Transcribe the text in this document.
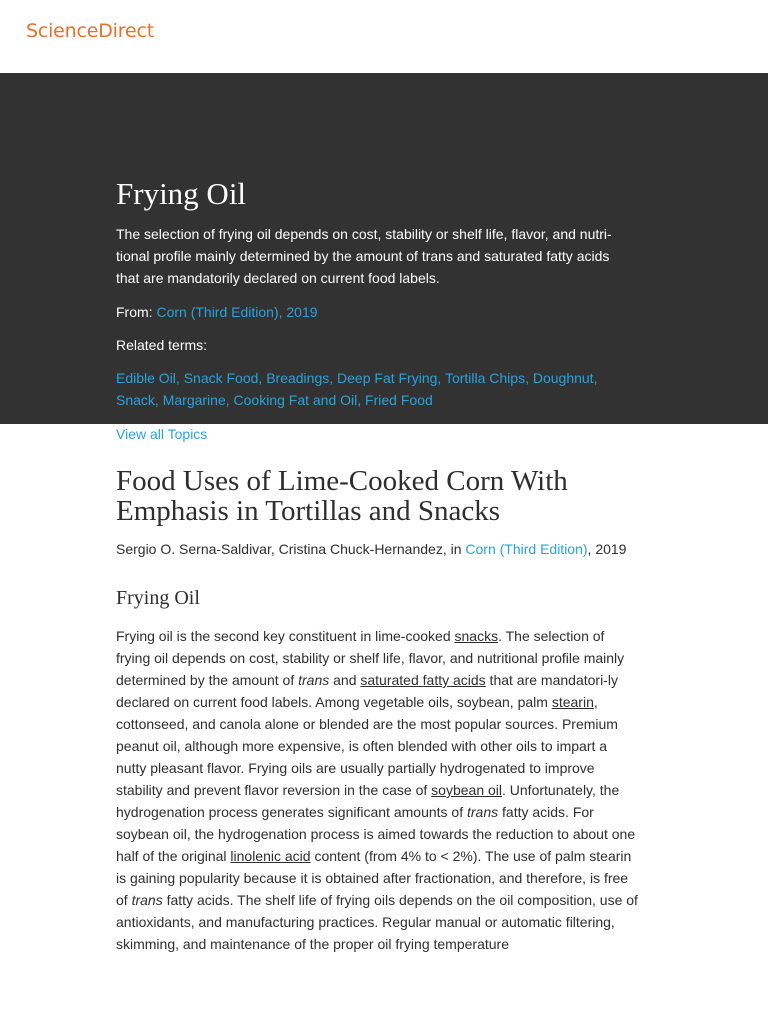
ScienceDirect
Frying Oil

The selection of frying oil depends on cost, stability or shelf life, flavor, and nutri-tional profile mainly determined by the amount of trans and saturated fatty acids that are mandatorily declared on current food labels.

From: Corn (Third Edition), 2019
Related terms:
Edible Oil, Snack Food, Breadings, Deep Fat Frying, Tortilla Chips, Doughnut, Snack, Margarine, Cooking Fat and Oil, Fried Food
View all Topics
Food Uses of Lime-Cooked Corn With Emphasis in Tortillas and Snacks
Sergio O. Serna-Saldivar, Cristina Chuck-Hernandez, in Corn (Third Edition), 2019
Frying Oil

Frying oil is the second key constituent in lime-cooked snacks. The selection of frying oil depends on cost, stability or shelf life, flavor, and nutritional profile mainly determined by the amount of trans and saturated fatty acids that are mandatori-ly declared on current food labels. Among vegetable oils, soybean, palm stearin, cottonseed, and canola alone or blended are the most popular sources. Premium peanut oil, although more expensive, is often blended with other oils to impart a nutty pleasant flavor. Frying oils are usually partially hydrogenated to improve stability and prevent flavor reversion in the case of soybean oil. Unfortunately, the hydrogenation process generates significant amounts of trans fatty acids. For soybean oil, the hydrogenation process is aimed towards the reduction to about one half of the original linolenic acid content (from 4% to < 2%). The use of palm stearin is gaining popularity because it is obtained after fractionation, and therefore, is free of trans fatty acids. The shelf life of frying oils depends on the oil composition, use of antioxidants, and manufacturing practices. Regular manual or automatic filtering, skimming, and maintenance of the proper oil frying temperature
